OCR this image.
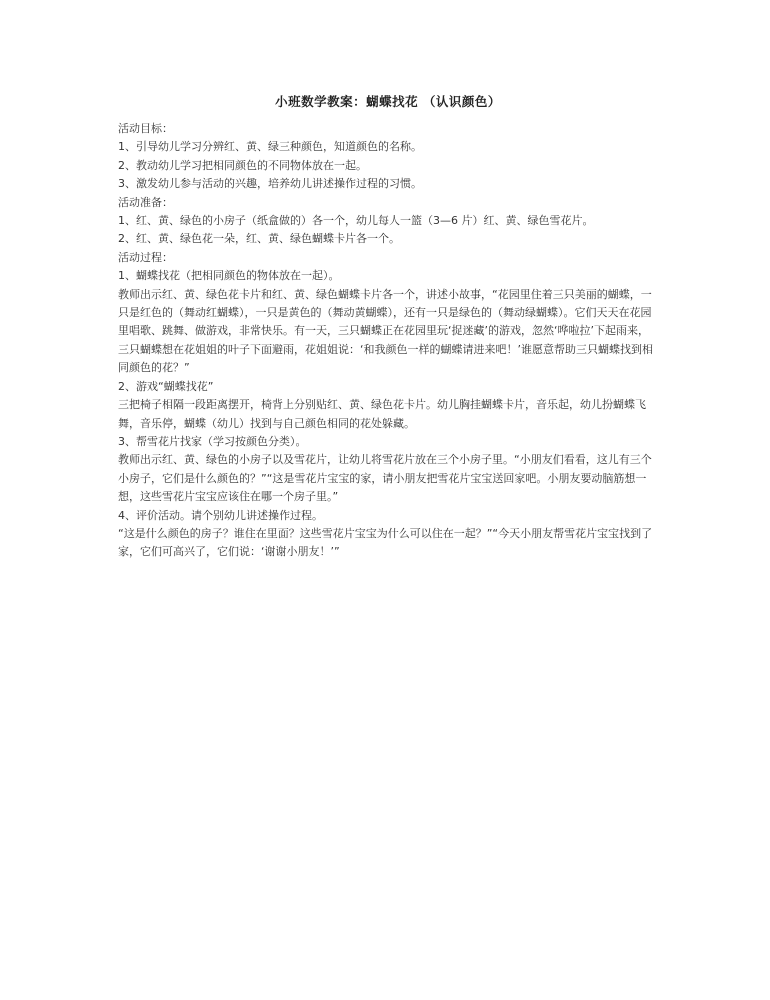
小班数学教案：蝴蝶找花 （认识颜色）

活动目标：

1、引导幼儿学习分辨红、黄、绿三种颜色，知道颜色的名称。

2、教动幼儿学习把相同颜色的不同物体放在一起。

3、激发幼儿参与活动的兴趣，培养幼儿讲述操作过程的习惯。

活动准备：

1、红、黄、绿色的小房子（纸盒做的）各一个，幼儿每人一篮（3—6 片）红、黄、绿色雪花片。

2、红、黄、绿色花一朵，红、黄、绿色蝴蝶卡片各一个。

活动过程：

1、蝴蝶找花（把相同颜色的物体放在一起）。

教师出示红、黄、绿色花卡片和红、黄、绿色蝴蝶卡片各一个，讲述小故事，“花园里住着三只美丽的蝴蝶，一只是红色的（舞动红蝴蝶），一只是黄色的（舞动黄蝴蝶），还有一只是绿色的（舞动绿蝴蝶）。它们天天在花园里唱歌、跳舞、做游戏，非常快乐。有一天，三只蝴蝶正在花园里玩‘捉迷藏’的游戏，忽然‘哗啦拉’下起雨来，三只蝴蝶想在花姐姐的叶子下面避雨，花姐姐说：‘和我颜色一样的蝴蝶请进来吧！’谁愿意帮助三只蝴蝶找到相同颜色的花？”

2、游戏“蝴蝶找花”

三把椅子相隔一段距离摆开，椅背上分别贴红、黄、绿色花卡片。幼儿胸挂蝴蝶卡片，音乐起，幼儿扮蝴蝶飞舞，音乐停，蝴蝶（幼儿）找到与自己颜色相同的花处躲藏。

3、帮雪花片找家（学习按颜色分类）。

教师出示红、黄、绿色的小房子以及雪花片，让幼儿将雪花片放在三个小房子里。“小朋友们看看，这儿有三个小房子，它们是什么颜色的？”“这是雪花片宝宝的家，请小朋友把雪花片宝宝送回家吧。小朋友要动脑筋想一想，这些雪花片宝宝应该住在哪一个房子里。”

4、评价活动。请个别幼儿讲述操作过程。

“这是什么颜色的房子？谁住在里面？这些雪花片宝宝为什么可以住在一起？”“今天小朋友帮雪花片宝宝找到了家，它们可高兴了，它们说：‘谢谢小朋友！’”
